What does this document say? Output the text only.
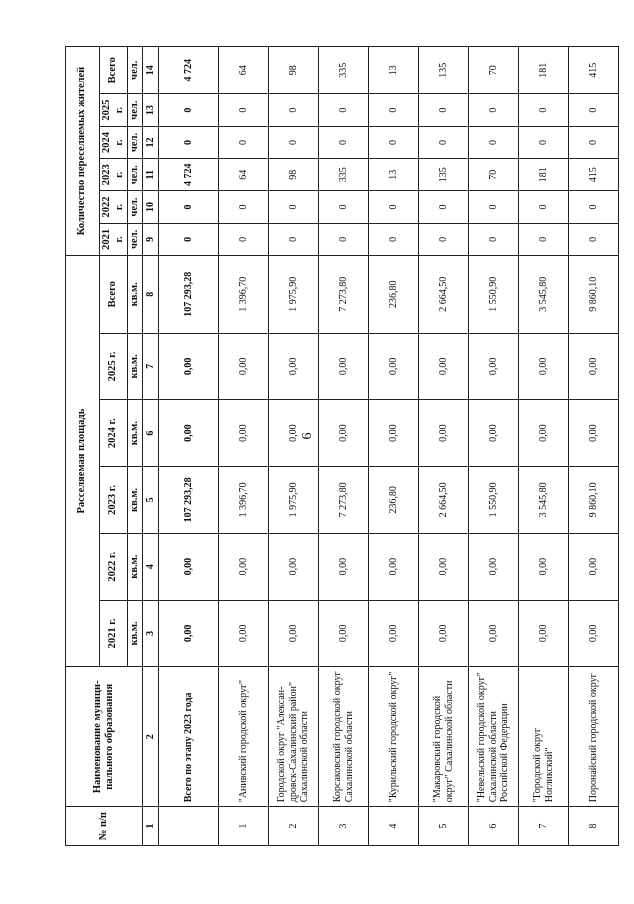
6
№ п/п	Наименование муници-пального образования	Расселяемая площадь						Количество переселяемых жителей					
		2021 г.	2022 г.	2023 г.	2024 г.	2025 г.	Всего	2021 г.	2022 г.	2023 г.	2024 г.	2025 г.	Всего
		кв.м.	кв.м.	кв.м.	кв.м.	кв.м.	кв.м.	чел.	чел.	чел.	чел.	чел.	чел.
1	2	3	4	5	6	7	8	9	10	11	12	13	14
	Всего по этапу 2023 года	0,00	0,00	107 293,28	0,00	0,00	107 293,28	0	0	4 724	0	0	4 724
1	"Анивский городской округ"	0,00	0,00	1 396,70	0,00	0,00	1 396,70	0	0	64	0	0	64
2	Городской округ "Алексан-дровск-Сахалинский район" Сахалинской области	0,00	0,00	1 975,90	0,00	0,00	1 975,90	0	0	98	0	0	98
3	Корсаковский городской округ Сахалинской области	0,00	0,00	7 273,80	0,00	0,00	7 273,80	0	0	335	0	0	335
4	"Курильский городской округ"	0,00	0,00	236,80	0,00	0,00	236,80	0	0	13	0	0	13
5	"Макаровский городской округ" Сахалинской области	0,00	0,00	2 664,50	0,00	0,00	2 664,50	0	0	135	0	0	135
6	"Невельский городской округ" Сахалинской области Российской Федерации	0,00	0,00	1 550,90	0,00	0,00	1 550,90	0	0	70	0	0	70
7	"Городской округ Ногликский"	0,00	0,00	3 545,80	0,00	0,00	3 545,80	0	0	181	0	0	181
8	Поронайский городской округ	0,00	0,00	9 860,10	0,00	0,00	9 860,10	0	0	415	0	0	415
